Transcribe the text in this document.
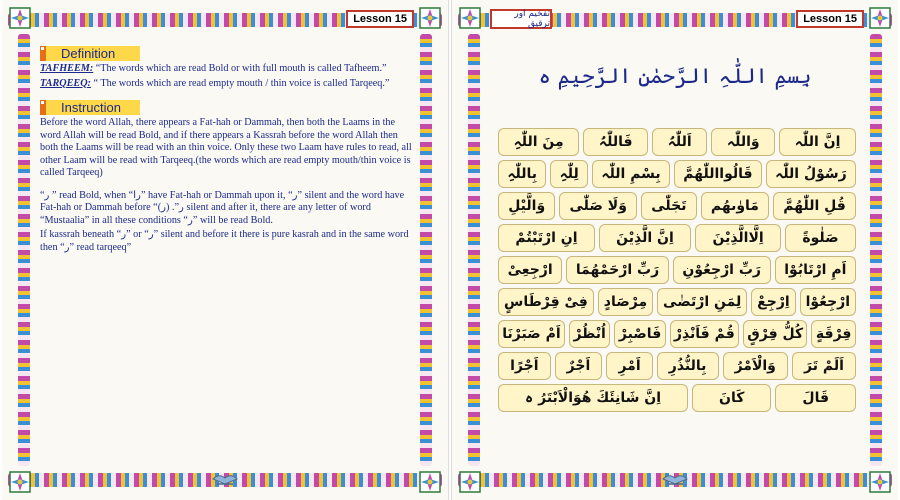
Lesson 15
Definition
TAFHEEM: “The words which are read Bold or with full mouth is called Tafheem.”
TARQEEQ: “ The words which are read empty mouth / thin voice is called Tarqeeq.”
Instruction
Before the word Allah, there appears a Fat-hah or Dammah, then both the Laams in the word Allah will be read Bold, and if there appears a Kassrah before the word Allah then both the Laams will be read with an thin voice. Only these two Laam have rules to read, all other Laam will be read with Tarqeeq.(the words which are read empty mouth/thin voice is called Tarqeeq)
“ر ” read Bold, when “را” have Fat-hah or Dammah upon it, “ر” silent and the word have Fat-hah or Dammah before “ر”. (ر) silent and after it, there are any letter of word “Mustaalia” in all these conditions “ر” will be read Bold.
If kassrah beneath “ر” or “ر” silent and before it there is pure kasrah and in the same word then “ر” read tarqeeq”
تفخیم اور ترقیق	Lesson 15
بِسمِ اللّٰہِ الرَّحمٰنِ الرَّحِیمِ ہ
اِنَّ اللّٰہ
وَاللّٰہ
اَللّٰہُ
فَاللّٰہُ
مِنَ اللّٰہِ
رَسُوْلُ اللّٰہ
قَالُوااللّٰھُمَّ
بِسْمِ اللّٰہ
لِلّٰہِ
بِاللّٰہِ
قُلِ اللّٰھُمَّ
مَاوٰىھُم
تَجَلّٰى
وَلَا صَلّٰى
وَالَّيْلِ
صَلٰوةً
اِلَّاالَّذِيْنَ
اِنَّ الَّذِيْنَ
اِنِ ارْتَبْتُمْ
اَمِ ارْتَابُوْا
رَبِّ ارْجِعُوْنِ
رَبِّ ارْحَمْهُمَا
ارْجِعِىْ
ارْجِعُوْا
اِرْجِعْ
لِمَنِ ارْتَضٰى
مِرْصَادٍ
فِىْ قِرْطَاسٍ
فِرْقَةٍ
كُلُّ فِرْقٍ
قُمْ فَاَنْذِرْ
فَاصْبِرْ
اُنْظُرْ
اَمْ صَبَرْنَا
اَلَمْ تَرَ
وَالْاَمْرُ
بِالنُّذُرِ
اَمْرِ
اَجْرٌ
اَجْرًا
قَالَ
كَانَ
اِنَّ شَانِئَكَ هُوَالْاَبْتَرُ ہ
